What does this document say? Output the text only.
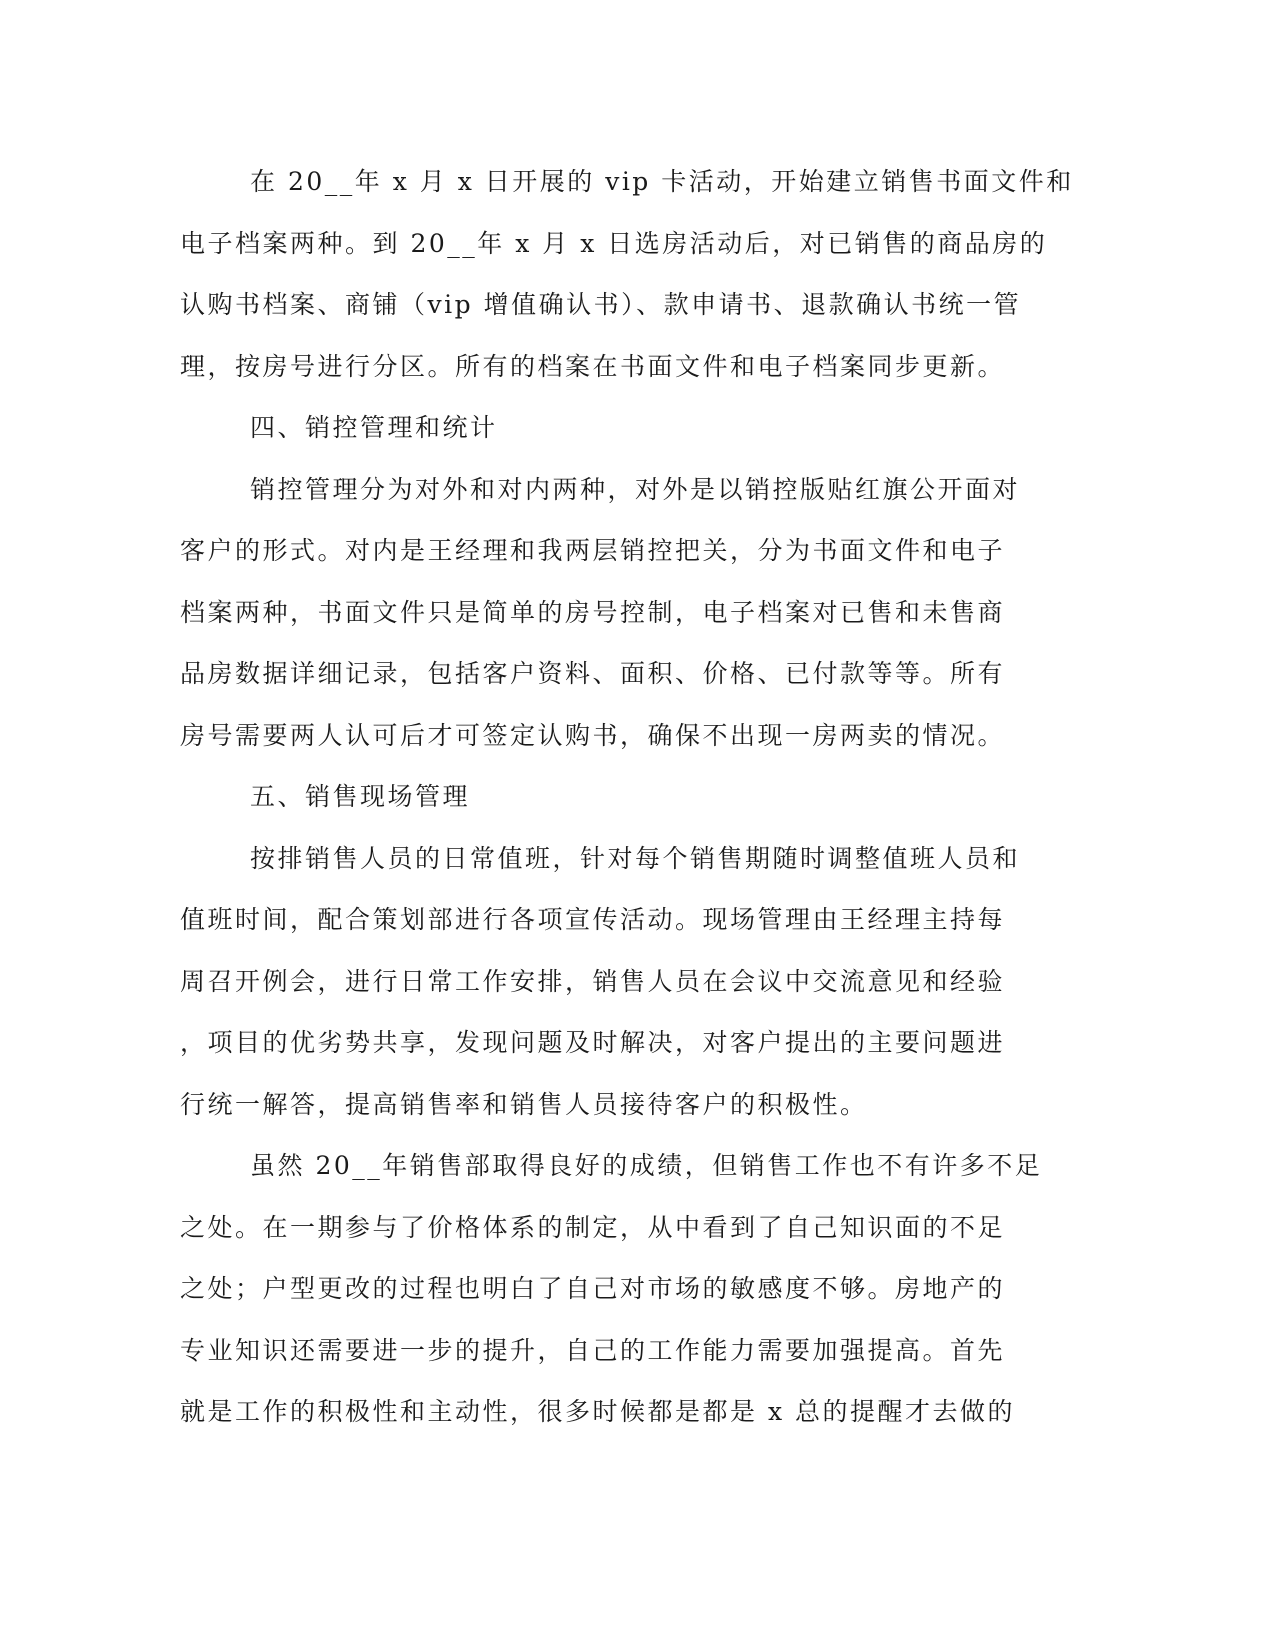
在 20__年 x 月 x 日开展的 vip 卡活动，开始建立销售书面文件和
电子档案两种。到 20__年 x 月 x 日选房活动后，对已销售的商品房的
认购书档案、商铺（vip 增值确认书）、款申请书、退款确认书统一管
理，按房号进行分区。所有的档案在书面文件和电子档案同步更新。
四、销控管理和统计
销控管理分为对外和对内两种，对外是以销控版贴红旗公开面对
客户的形式。对内是王经理和我两层销控把关，分为书面文件和电子
档案两种，书面文件只是简单的房号控制，电子档案对已售和未售商
品房数据详细记录，包括客户资料、面积、价格、已付款等等。所有
房号需要两人认可后才可签定认购书，确保不出现一房两卖的情况。
五、销售现场管理
按排销售人员的日常值班，针对每个销售期随时调整值班人员和
值班时间，配合策划部进行各项宣传活动。现场管理由王经理主持每
周召开例会，进行日常工作安排，销售人员在会议中交流意见和经验
，项目的优劣势共享，发现问题及时解决，对客户提出的主要问题进
行统一解答，提高销售率和销售人员接待客户的积极性。
虽然 20__年销售部取得良好的成绩，但销售工作也不有许多不足
之处。在一期参与了价格体系的制定，从中看到了自己知识面的不足
之处；户型更改的过程也明白了自己对市场的敏感度不够。房地产的
专业知识还需要进一步的提升，自己的工作能力需要加强提高。首先
就是工作的积极性和主动性，很多时候都是都是 x 总的提醒才去做的
